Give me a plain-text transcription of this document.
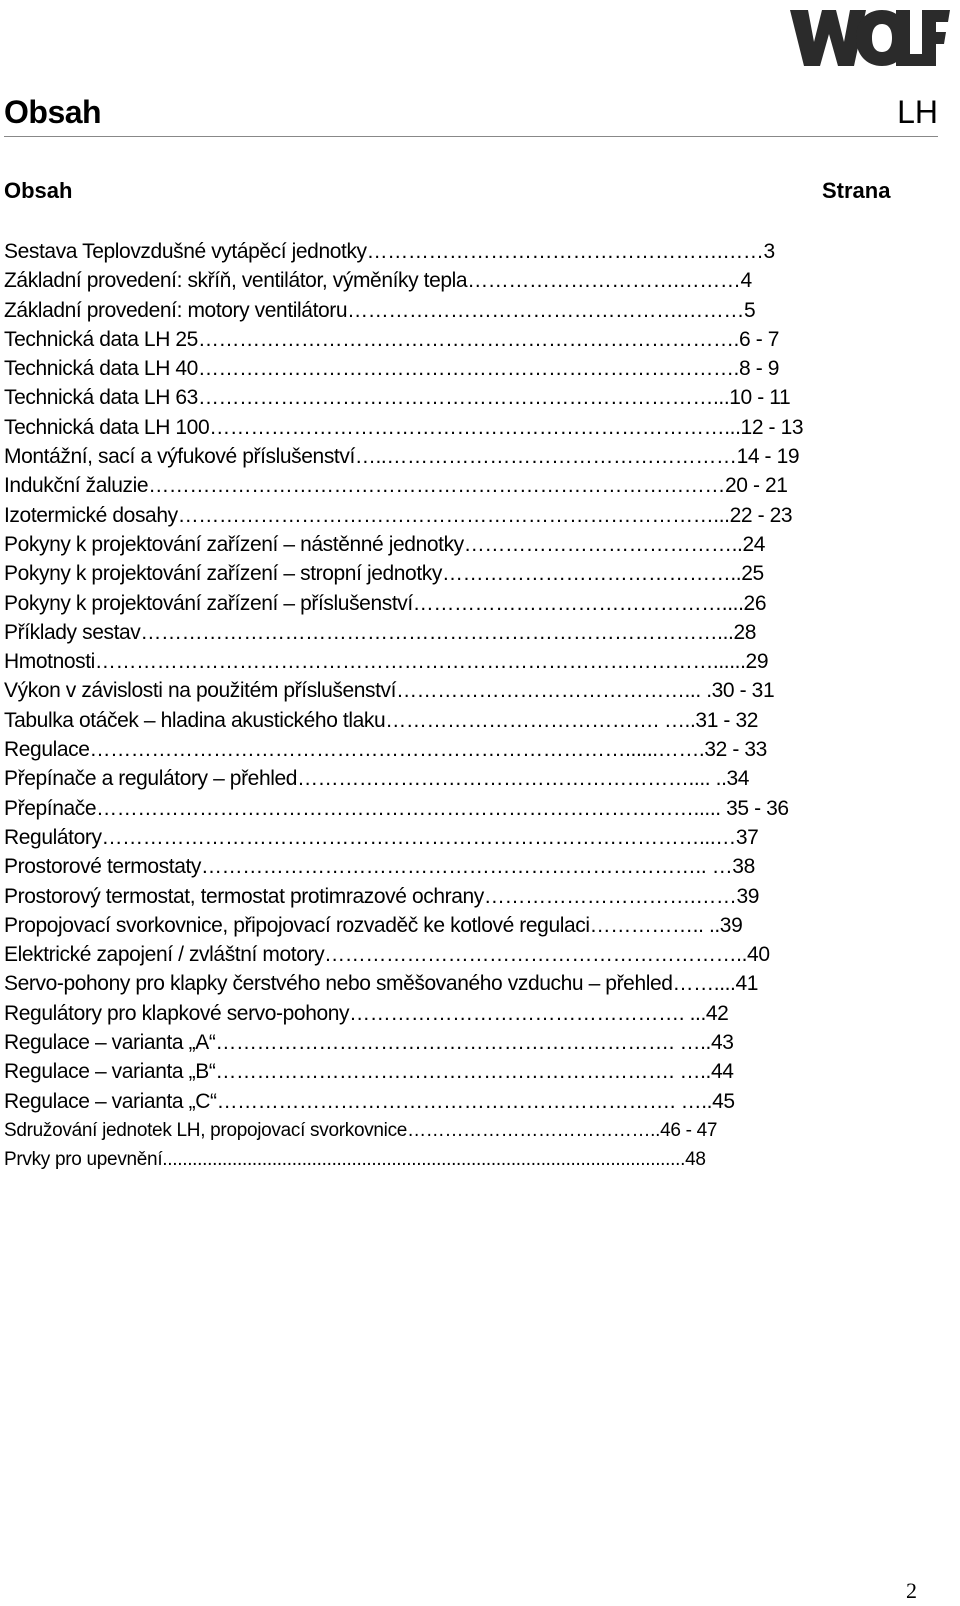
Obsah	LH
Obsah	Strana
Sestava Teplovzdušné vytápěcí jednotky…………………………………………….……3
Základní provedení: skříň, ventilátor, výměníky tepla………………………….………4
Základní provedení: motory ventilátoru………………………………………….………5
Technická data LH 25…………………………………………………………………….6 - 7
Technická data LH 40…………………………………………………………………….8 - 9
Technická data LH 63…………………………………………………………………...10 - 11
Technická data LH 100…………………………………………………………………...12 - 13
Montážní, sací a výfukové příslušenství…..……………………………………………14 - 19
Indukční žaluzie…………………………………………………………………………20 - 21
Izotermické dosahy……………………………………………………………………...22 - 23
Pokyny k projektování zařízení – nástěnné jednotky…………………………………..24
Pokyny k projektování zařízení – stropní jednotky……………………………………..25
Pokyny k projektování zařízení – příslušenství………………………………………....26
Příklady sestav…………………………………………………………………………...28
Hmotnosti………………………………………………………………………………......29
Výkon v závislosti na použitém příslušenství……………………………………... .30 - 31
Tabulka otáček – hladina akustického tlaku…………………………………. …..31 - 32
Regulace……………………………………………………………………......…….32 - 33
Přepínače a regulátory – přehled………………………………………………….... ..34
Přepínače……………………………………………………………………………..... 35 - 36
Regulátory……………………………………………………………………………...…37
Prostorové termostaty……………………………………………………………….. …38
Prostorový termostat, termostat protimrazové ochrany………………………….……39
Propojovací svorkovnice, připojovací rozvaděč ke kotlové regulaci…………….. ..39
Elektrické zapojení / zvláštní motory……………………………………………………..40
Servo-pohony pro klapky čerstvého nebo směšovaného vzduchu – přehled……....41
Regulátory pro klapkové servo-pohony…………………………………………. ...42
Regulace – varianta „A“…………………………………………………………. …..43
Regulace – varianta „B“…………………………………………………………. …..44
Regulace – varianta „C“…………………………………………………………. …..45
Sdružování jednotek LH, propojovací svorkovnice…………………………………..46 - 47
Prvky pro upevnění.........................................................................................................48
2
